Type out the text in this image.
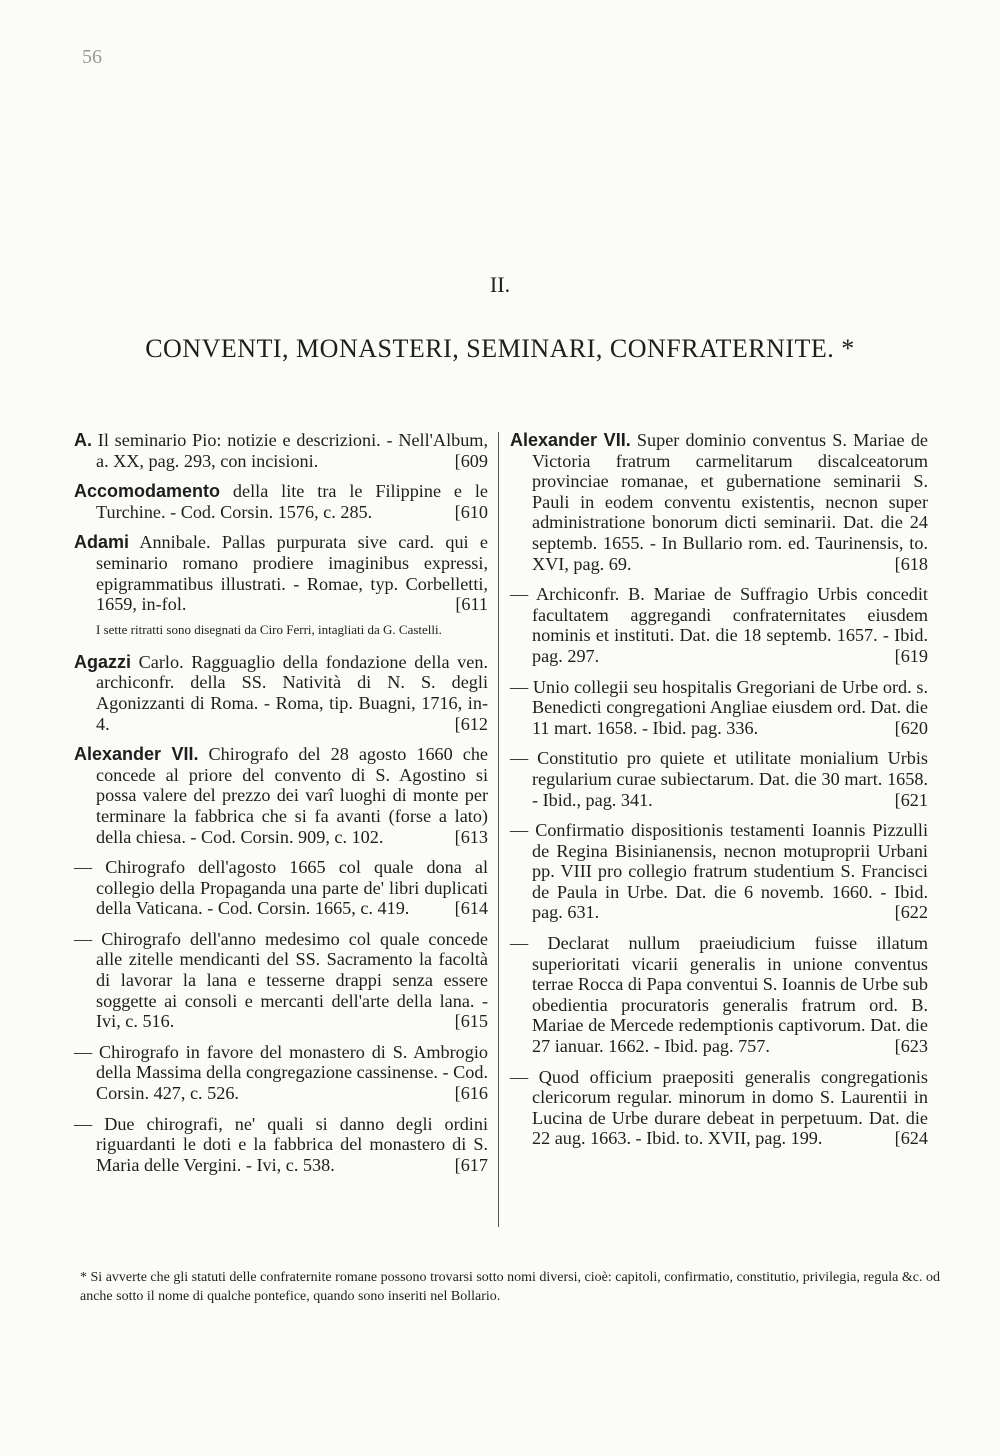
56
II.
CONVENTI, MONASTERI, SEMINARI, CONFRATERNITE. *

A. Il seminario Pio: notizie e descrizioni. - Nell'Album, a. XX, pag. 293, con incisioni.	[609

Accomodamento della lite tra le Filippine e le Turchine. - Cod. Corsin. 1576, c. 285.	[610

Adami Annibale. Pallas purpurata sive card. qui e seminario romano prodiere imaginibus expressi, epigrammatibus illustrati. - Romae, typ. Corbelletti, 1659, in-fol.	[611

I sette ritratti sono disegnati da Ciro Ferri, intagliati da G. Castelli.

Agazzi Carlo. Ragguaglio della fondazione della ven. archiconfr. della SS. Natività di N. S. degli Agonizzanti di Roma. - Roma, tip. Buagni, 1716, in-4.	[612

Alexander VII. Chirografo del 28 agosto 1660 che concede al priore del convento di S. Agostino si possa valere del prezzo dei varî luoghi di monte per terminare la fabbrica che si fa avanti (forse a lato) della chiesa. - Cod. Corsin. 909, c. 102.	[613

— Chirografo dell'agosto 1665 col quale dona al collegio della Propaganda una parte de' libri duplicati della Vaticana. - Cod. Corsin. 1665, c. 419. [614

— Chirografo dell'anno medesimo col quale concede alle zitelle mendicanti del SS. Sacramento la facoltà di lavorar la lana e tesserne drappi senza essere soggette ai consoli e mercanti dell'arte della lana. - Ivi, c. 516.	[615

— Chirografo in favore del monastero di S. Ambrogio della Massima della congregazione cassinense. - Cod. Corsin. 427, c. 526.	[616

— Due chirografi, ne' quali si danno degli ordini riguardanti le doti e la fabbrica del monastero di S. Maria delle Vergini. - Ivi, c. 538.	[617

Alexander VII. Super dominio conventus S. Mariae de Victoria fratrum carmelitarum discalceatorum provinciae romanae, et gubernatione seminarii S. Pauli in eodem conventu existentis, necnon super administratione bonorum dicti seminarii. Dat. die 24 septemb. 1655. - In Bullario rom. ed. Taurinensis, to. XVI, pag. 69.	[618

— Archiconfr. B. Mariae de Suffragio Urbis concedit facultatem aggregandi confraternitates eiusdem nominis et instituti. Dat. die 18 septemb. 1657. - Ibid. pag. 297.	[619

— Unio collegii seu hospitalis Gregoriani de Urbe ord. s. Benedicti congregationi Angliae eiusdem ord. Dat. die 11 mart. 1658. - Ibid. pag. 336.	[620

— Constitutio pro quiete et utilitate monialium Urbis regularium curae subiectarum. Dat. die 30 mart. 1658. - Ibid., pag. 341.	[621

— Confirmatio dispositionis testamenti Ioannis Pizzulli de Regina Bisinianensis, necnon motuproprii Urbani pp. VIII pro collegio fratrum studentium S. Francisci de Paula in Urbe. Dat. die 6 novemb. 1660. - Ibid. pag. 631.	[622

— Declarat nullum praeiudicium fuisse illatum superioritati vicarii generalis in unione conventus terrae Rocca di Papa conventui S. Ioannis de Urbe sub obedientia procuratoris generalis fratrum ord. B. Mariae de Mercede redemptionis captivorum. Dat. die 27 ianuar. 1662. - Ibid. pag. 757.	[623

— Quod officium praepositi generalis congregationis clericorum regular. minorum in domo S. Laurentii in Lucina de Urbe durare debeat in perpetuum. Dat. die 22 aug. 1663. - Ibid. to. XVII, pag. 199.	[624

* Si avverte che gli statuti delle confraternite romane possono trovarsi sotto nomi diversi, cioè: capitoli, confirmatio, constitutio, privilegia, regula &c. od anche sotto il nome di qualche pontefice, quando sono inseriti nel Bollario.
